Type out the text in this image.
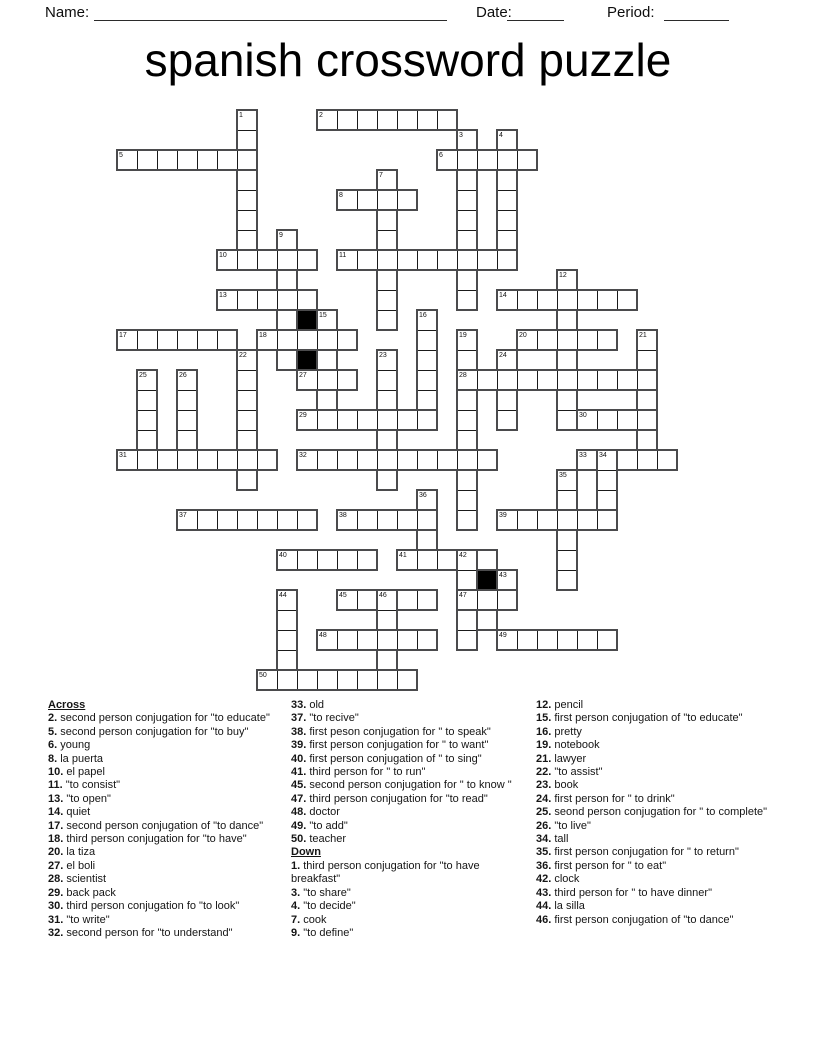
Name:	Date:	Period:
spanish crossword puzzle
1	2
3	4
5	6
7
8
9
10	11
12
13	14
15	16
17	18	19	20	21
22	23	24
25	26	27	28
29	30
31	32	33 34
35
36
37	38	39
40	41	42
43
44	45	46	47
48	49
50
Across
2. second person conjugation for "to educate"
5. second person conjugation for "to buy"
6. young
8. la puerta
10. el papel
11. "to consist"
13. "to open"
14. quiet
17. second person conjugation of "to dance"
18. third person conjugation for "to have"
20. la tiza
27. el boli
28. scientist
29. back pack
30. third person conjugation fo "to look"
31. "to write"
32. second person for "to understand"
33. old
37. "to recive"
38. first peson conjugation for " to speak"
39. first person conjugation for " to want"
40. first person conjugation of " to sing"
41. third person for " to run"
45. second person conjugation for " to know "
47. third person conjugation for "to read"
48. doctor
49. "to add"
50. teacher
Down
1. third person conjugation for "to have breakfast"
3. "to share"
4. "to decide"
7. cook
9. "to define"
12. pencil
15. first person conjugation of "to educate"
16. pretty
19. notebook
21. lawyer
22. "to assist"
23. book
24. first person for " to drink"
25. seond person conjugation for " to complete"
26. "to live"
34. tall
35. first person conjugation for " to return"
36. first person for " to eat"
42. clock
43. third person for " to have dinner"
44. la silla
46. first person conjugation of "to dance"
